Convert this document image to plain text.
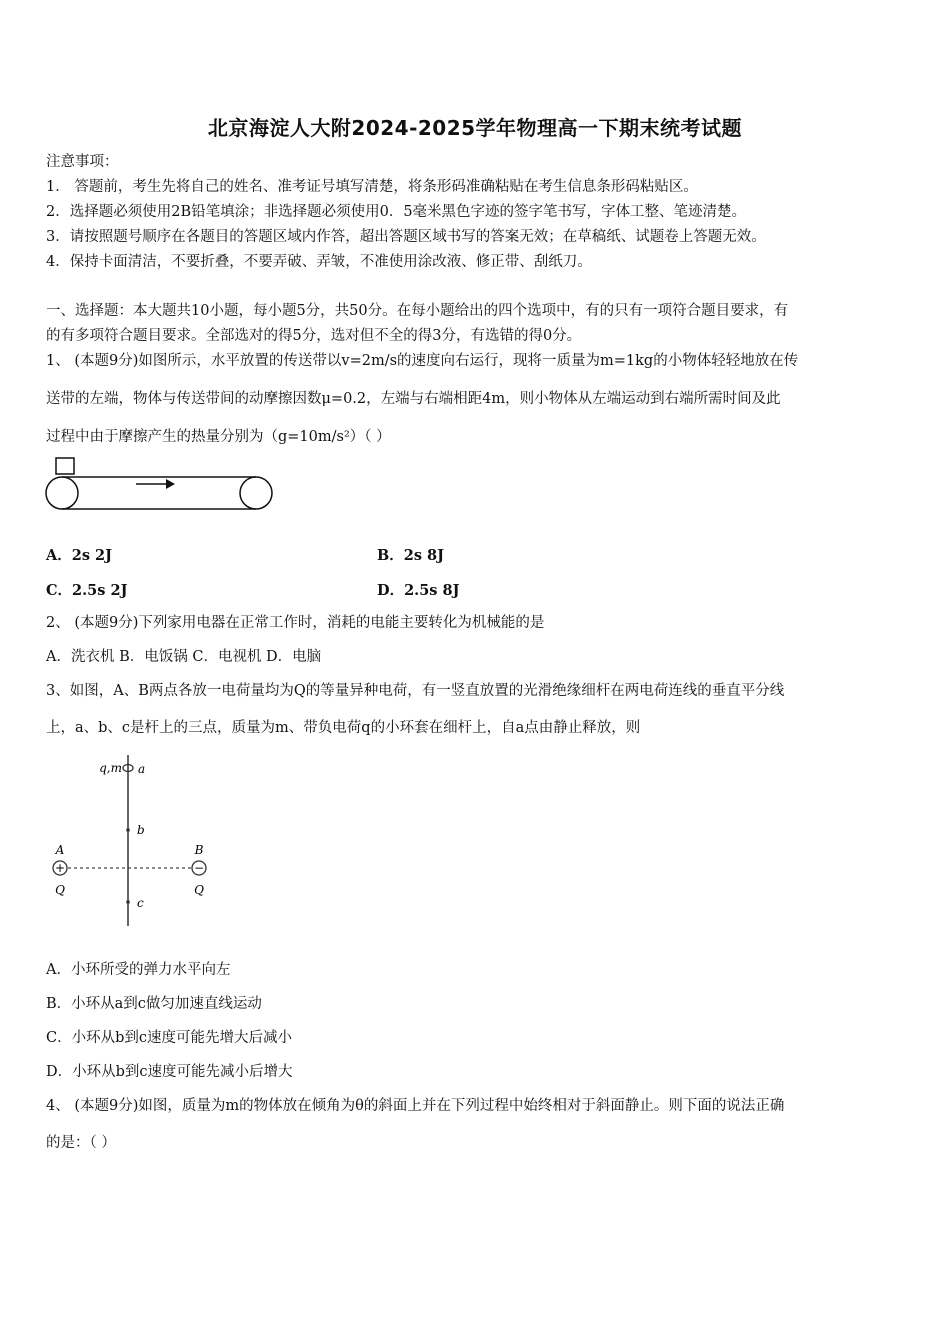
北京海淀人大附2024-2025学年物理高一下期末统考试题
注意事项：
1． 答题前，考生先将自己的姓名、准考证号填写清楚，将条形码准确粘贴在考生信息条形码粘贴区。
2．选择题必须使用2B铅笔填涂；非选择题必须使用0．5毫米黑色字迹的签字笔书写，字体工整、笔迹清楚。
3．请按照题号顺序在各题目的答题区域内作答，超出答题区域书写的答案无效；在草稿纸、试题卷上答题无效。
4．保持卡面清洁，不要折叠，不要弄破、弄皱，不准使用涂改液、修正带、刮纸刀。
一、选择题：本大题共10小题，每小题5分，共50分。在每小题给出的四个选项中，有的只有一项符合题目要求，有
的有多项符合题目要求。全部选对的得5分，选对但不全的得3分，有选错的得0分。
1、 (本题9分)如图所示，水平放置的传送带以v=2m/s的速度向右运行，现将一质量为m=1kg的小物体轻轻地放在传
送带的左端，物体与传送带间的动摩擦因数μ=0.2，左端与右端相距4m，则小物体从左端运动到右端所需时间及此
过程中由于摩擦产生的热量分别为（g=10m/s²）（ ）
A．2s 2J	B．2s 8J
C．2.5s 2J	D．2.5s 8J
2、 (本题9分)下列家用电器在正常工作时，消耗的电能主要转化为机械能的是
A．洗衣机 B．电饭锅 C．电视机 D．电脑
3、如图，A、B两点各放一电荷量均为Q的等量异种电荷，有一竖直放置的光滑绝缘细杆在两电荷连线的垂直平分线
上，a、b、c是杆上的三点，质量为m、带负电荷q的小环套在细杆上，自a点由静止释放，则
+	−
q,m a
b
c
A	B
Q	Q
A．小环所受的弹力水平向左
B．小环从a到c做匀加速直线运动
C．小环从b到c速度可能先增大后减小
D．小环从b到c速度可能先减小后增大
4、 (本题9分)如图，质量为m的物体放在倾角为θ的斜面上并在下列过程中始终相对于斜面静止。则下面的说法正确
的是：（ ）
